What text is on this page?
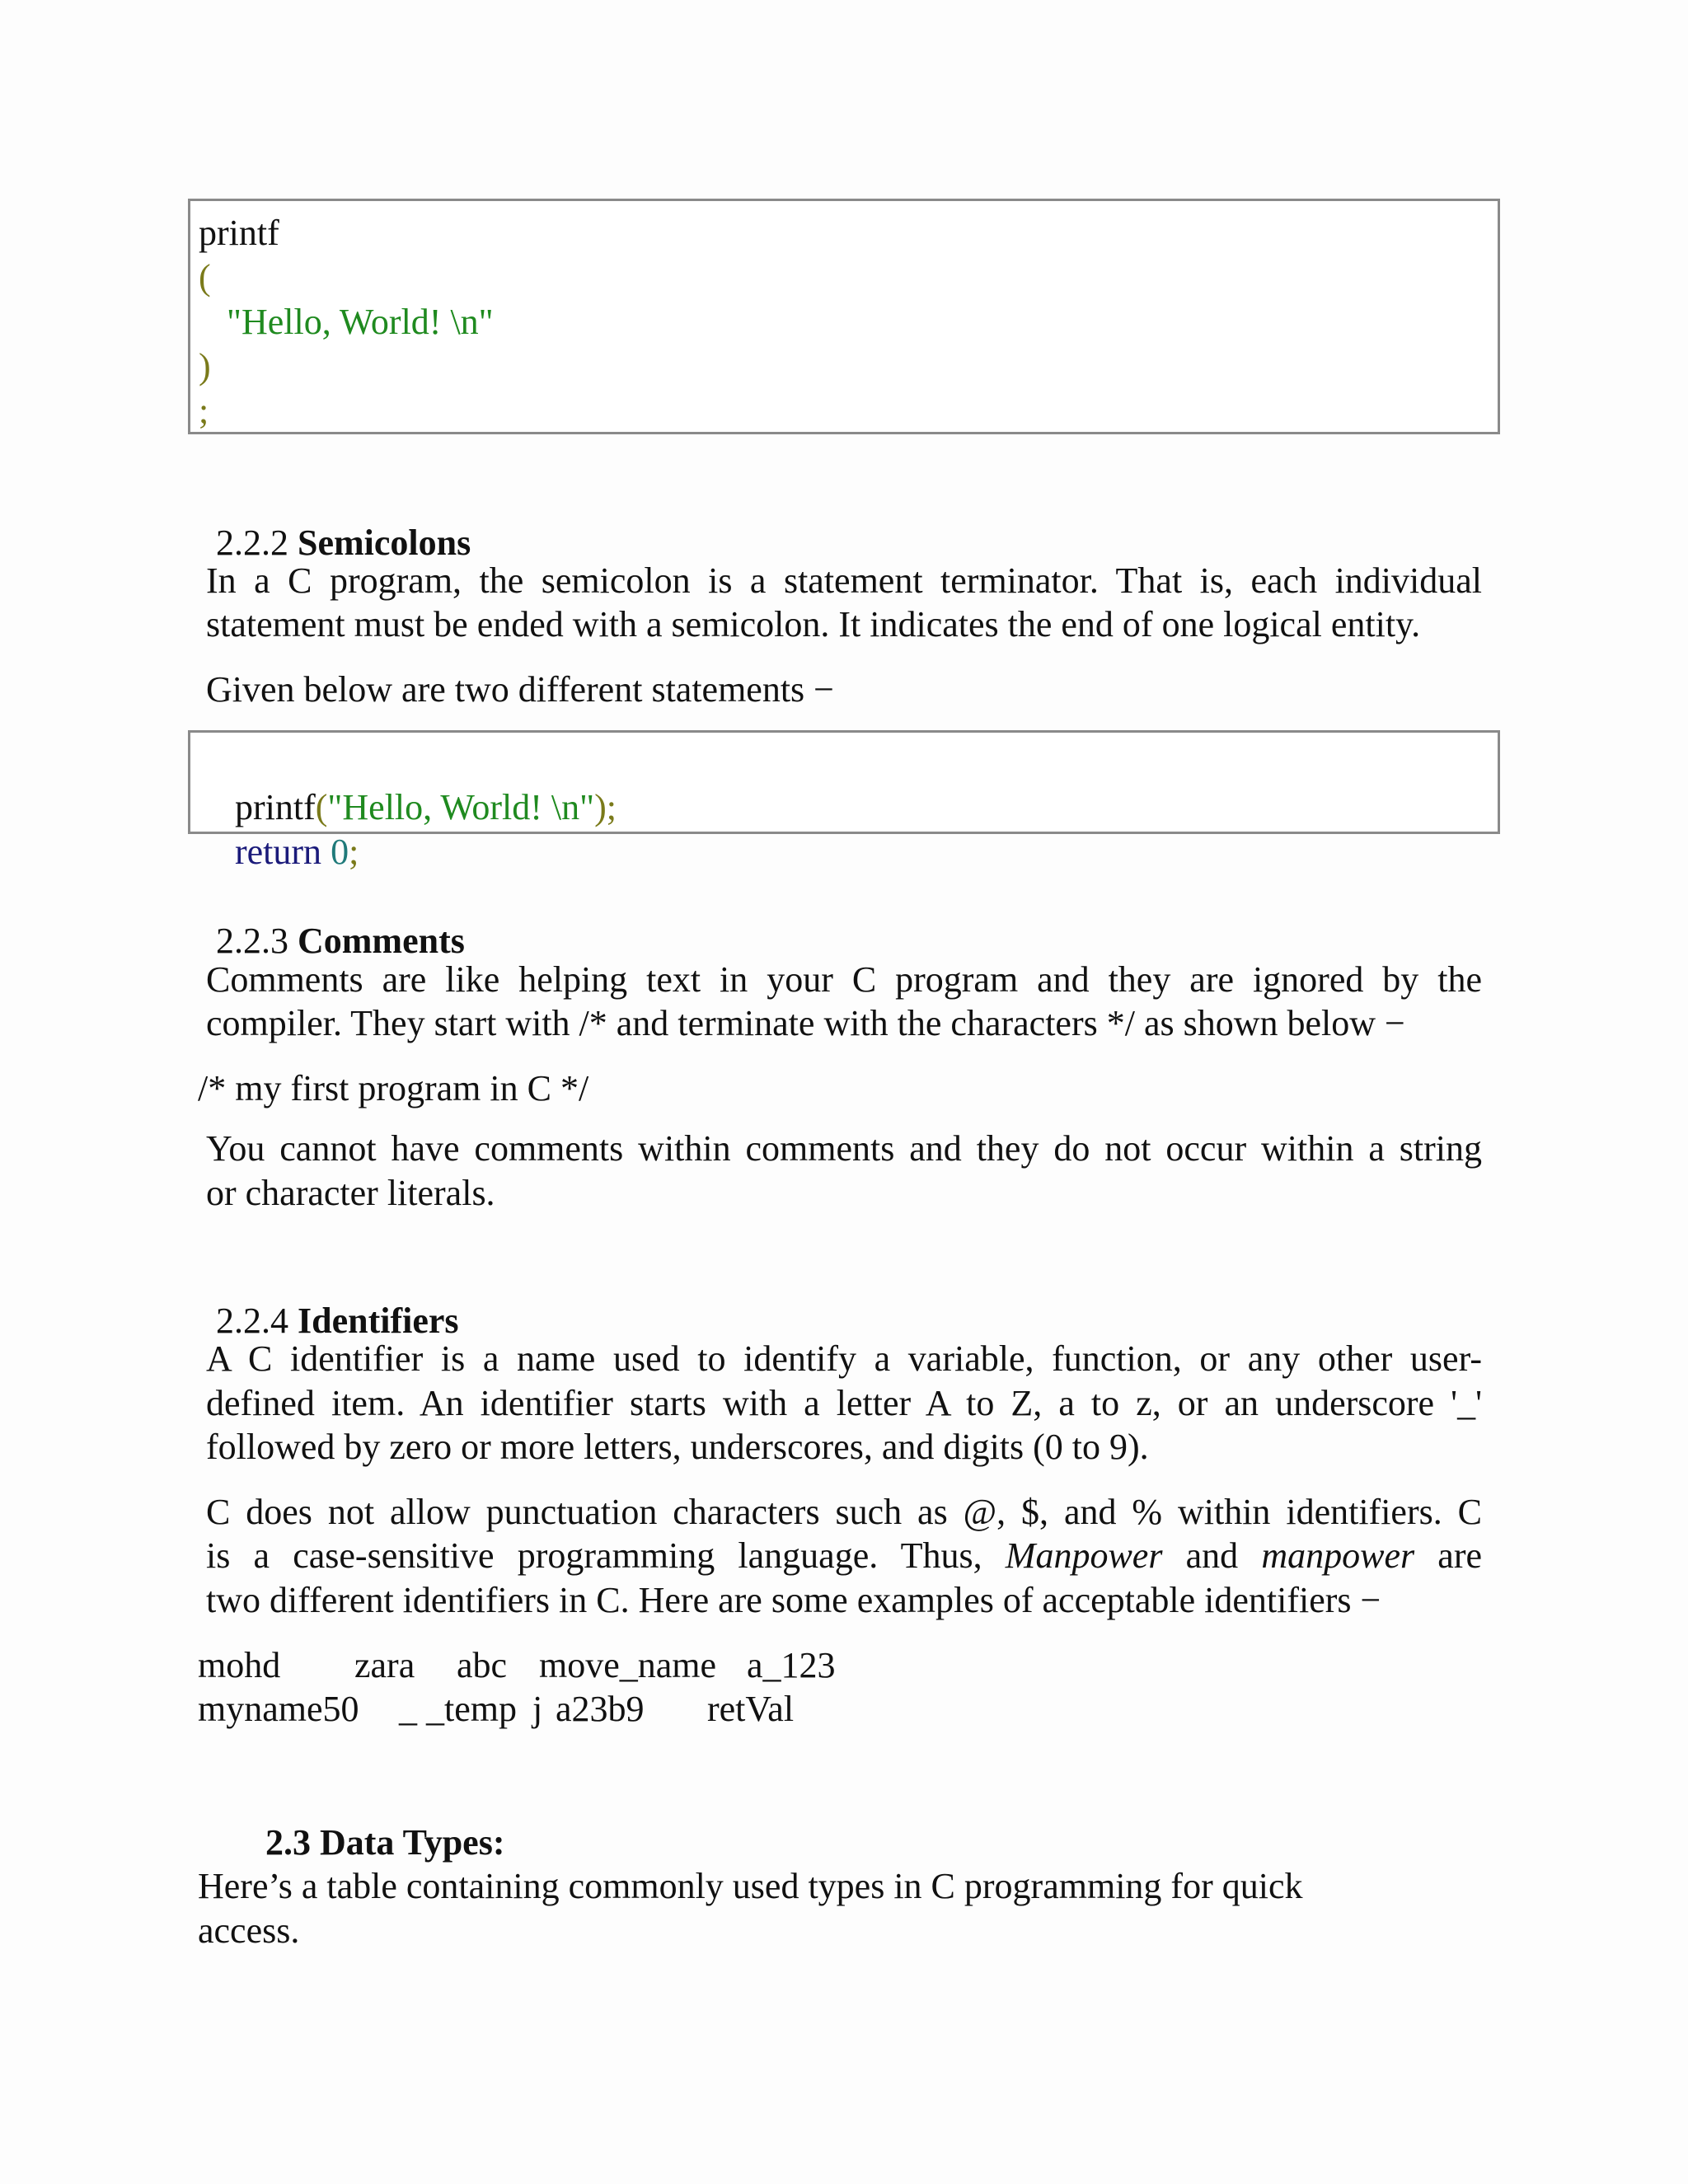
printf
(
"Hello, World! \n"
)
;

2.2.2 Semicolons

In a C program, the semicolon is a statement terminator. That is, each individual
statement must be ended with a semicolon. It indicates the end of one logical entity.
Given below are two different statements −

printf("Hello, World! \n");

return 0;

2.2.3 Comments

Comments are like helping text in your C program and they are ignored by the
compiler. They start with /* and terminate with the characters */ as shown below −
/* my first program in C */
You cannot have comments within comments and they do not occur within a string
or character literals.

2.2.4 Identifiers

A C identifier is a name used to identify a variable, function, or any other user-
defined item. An identifier starts with a letter A to Z, a to z, or an underscore '_'
followed by zero or more letters, underscores, and digits (0 to 9).
C does not allow punctuation characters such as @, $, and % within identifiers. C
is a case-sensitive programming language. Thus, Manpower and manpower are
two different identifiers in C. Here are some examples of acceptable identifiers −
mohd zara abc move_name a_123
myname50 _ _temp j a23b9 retVal

2.3 Data Types:

Here’s a table containing commonly used types in C programming for quick
access.
